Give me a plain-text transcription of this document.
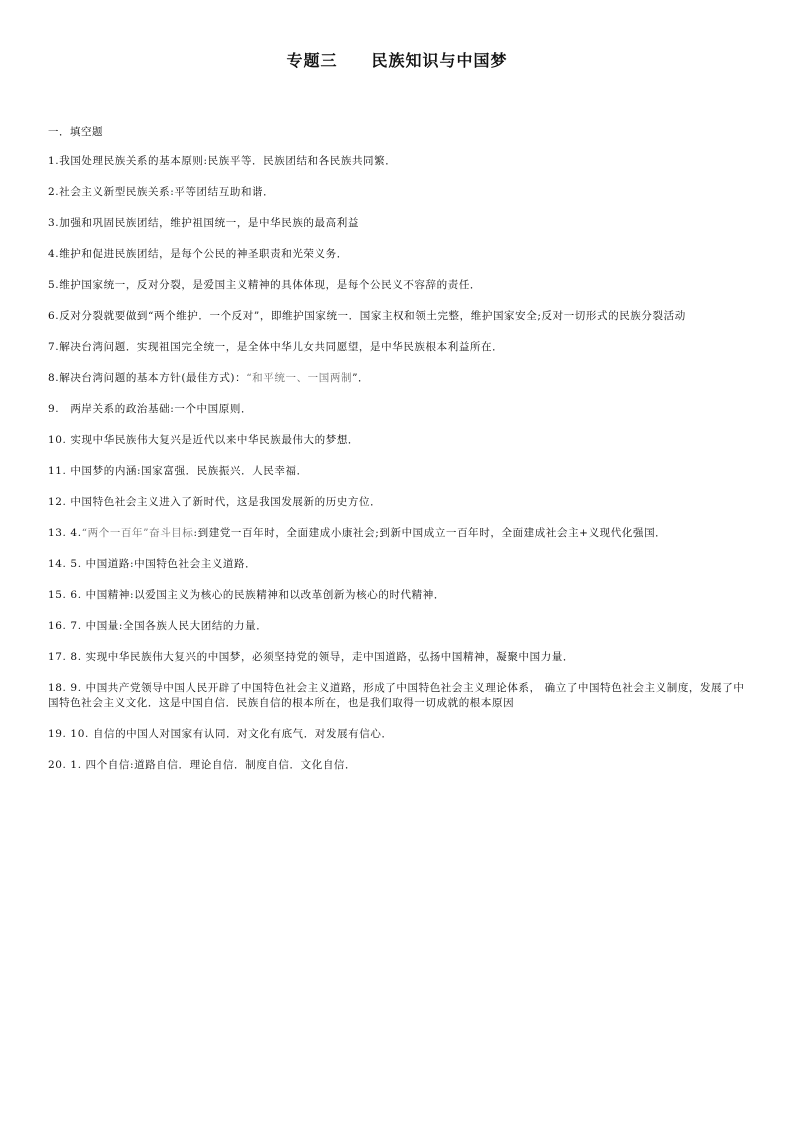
专题三　　民族知识与中国梦
一．填空题
1.我国处理民族关系的基本原则:民族平等．民族团结和各民族共同繁．
2.社会主义新型民族关系:平等团结互助和谐．
3.加强和巩固民族团结，维护祖国统一，是中华民族的最高利益
4.维护和促进民族团结，是每个公民的神圣职责和光荣义务．
5.维护国家统一，反对分裂，是爱国主义精神的具体体现，是每个公民义不容辞的责任．
6.反对分裂就要做到“两个维护．一个反对”，即维护国家统一．国家主权和领土完整，维护国家安全;反对一切形式的民族分裂活动
7.解决台湾问题．实现祖国完全统一，是全体中华儿女共同愿望，是中华民族根本利益所在．
8.解决台湾问题的基本方针(最佳方式)：“和平统一、一国两制”．
9.　两岸关系的政治基础:一个中国原则．
10. 实现中华民族伟大复兴是近代以来中华民族最伟大的梦想．
11. 中国梦的内涵:国家富强．民族振兴．人民幸福．
12. 中国特色社会主义进入了新时代，这是我国发展新的历史方位．
13. 4.“两个一百年”奋斗目标:到建党一百年时，全面建成小康社会;到新中国成立一百年时，全面建成社会主+义现代化强国．
14. 5. 中国道路:中国特色社会主义道路．
15. 6. 中国精神:以爱国主义为核心的民族精神和以改革创新为核心的时代精神．
16. 7. 中国量:全国各族人民大团结的力量．
17. 8. 实现中华民族伟大复兴的中国梦，必须坚持党的领导，走中国道路，弘扬中国精神，凝聚中国力量．
18. 9. 中国共产党领导中国人民开辟了中国特色社会主义道路，形成了中国特色社会主义理论体系， 确立了中国特色社会主义制度，发展了中国特色社会主义文化．这是中国自信．民族自信的根本所在，也是我们取得一切成就的根本原因
19. 10. 自信的中国人对国家有认同．对文化有底气．对发展有信心．
20. 1. 四个自信:道路自信．理论自信．制度自信．文化自信．
